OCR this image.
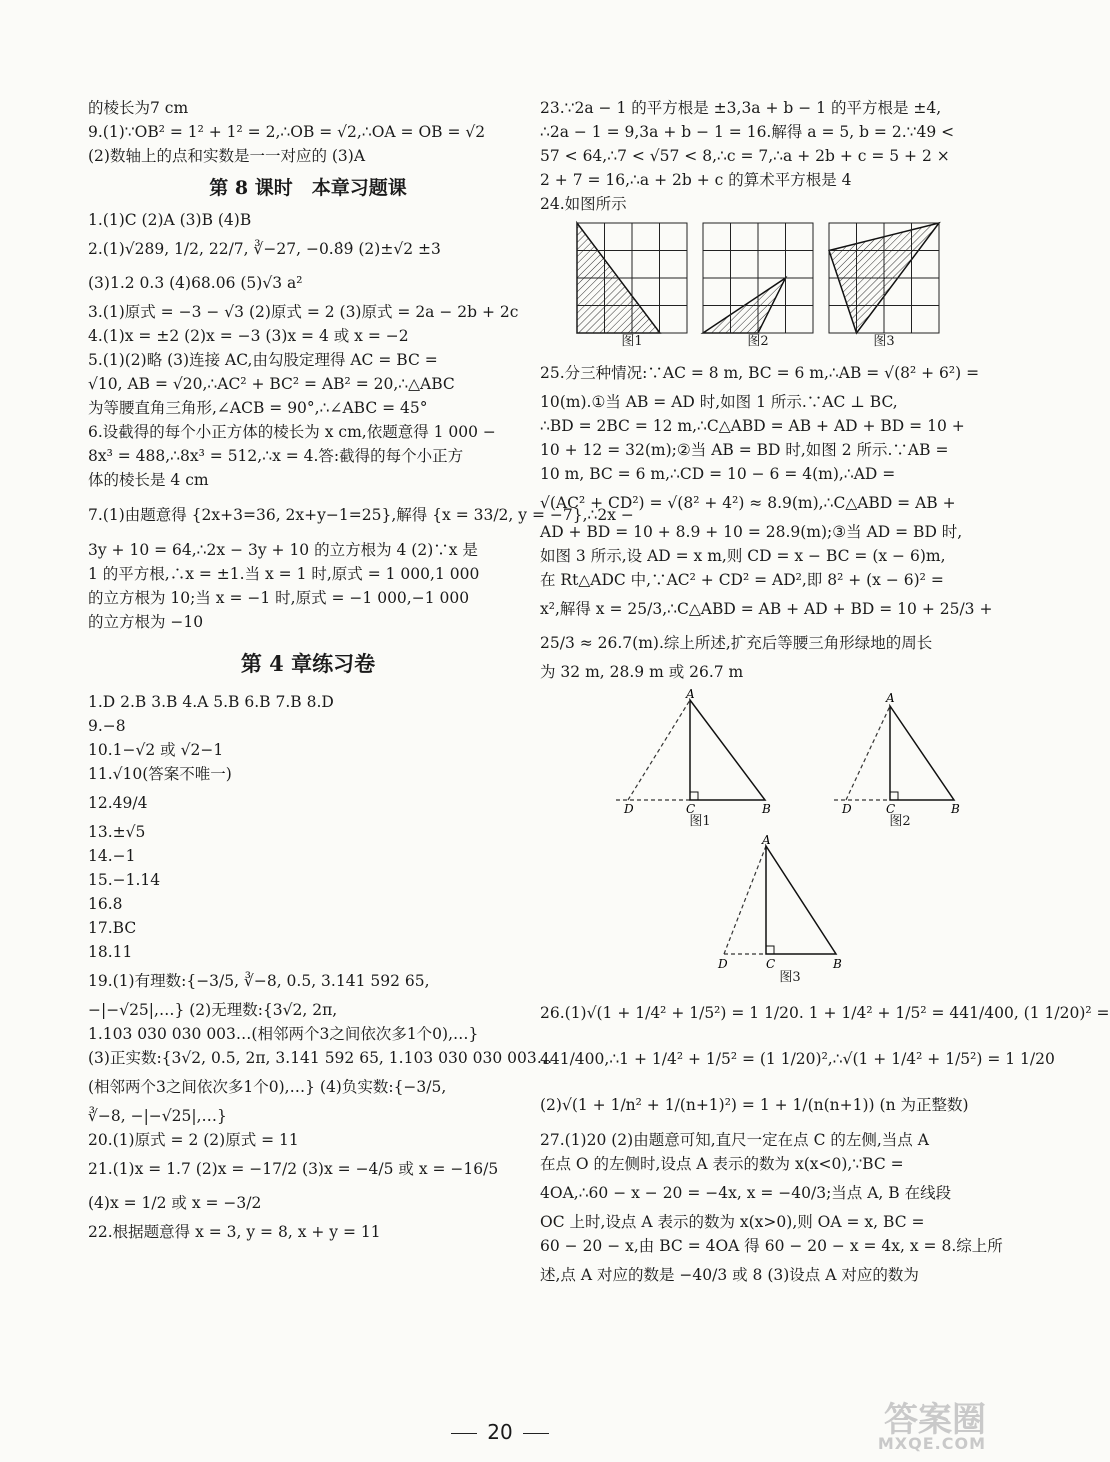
的棱长为7 cm
9.(1)∵OB² = 1² + 1² = 2,∴OB = √2,∴OA = OB = √2
(2)数轴上的点和实数是一一对应的 (3)A
第 8 课时　本章习题课
1.(1)C (2)A (3)B (4)B
2.(1)√289, 1/2, 22/7, ∛−27, −0.8̇9̇ (2)±√2 ±3
(3)1.2 0.3 (4)68.06 (5)√3 a²
3.(1)原式 = −3 − √3 (2)原式 = 2 (3)原式 = 2a − 2b + 2c
4.(1)x = ±2 (2)x = −3 (3)x = 4 或 x = −2
5.(1)(2)略 (3)连接 AC,由勾股定理得 AC = BC =
√10, AB = √20,∴AC² + BC² = AB² = 20,∴△ABC
为等腰直角三角形,∠ACB = 90°,∴∠ABC = 45°
6.设截得的每个小正方体的棱长为 x cm,依题意得 1 000 −
8x³ = 488,∴8x³ = 512,∴x = 4.答:截得的每个小正方
体的棱长是 4 cm
7.(1)由题意得 {2x+3=36, 2x+y−1=25},解得 {x = 33/2, y = −7},∴2x −
3y + 10 = 64,∴2x − 3y + 10 的立方根为 4 (2)∵x 是
1 的平方根,∴x = ±1.当 x = 1 时,原式 = 1 000,1 000
的立方根为 10;当 x = −1 时,原式 = −1 000,−1 000
的立方根为 −10
第 4 章练习卷
1.D 2.B 3.B 4.A 5.B 6.B 7.B 8.D
9.−8
10.1−√2 或 √2−1
11.√10(答案不唯一)
12.49/4
13.±√5
14.−1
15.−1.14
16.8
17.BC
18.11
19.(1)有理数:{−3/5, ∛−8, 0.5, 3.141 592 65,
−|−√25|,…} (2)无理数:{3√2, 2π,
1.103 030 030 003…(相邻两个3之间依次多1个0),…}
(3)正实数:{3√2, 0.5, 2π, 3.141 592 65, 1.103 030 030 003…
(相邻两个3之间依次多1个0),…} (4)负实数:{−3/5,
∛−8, −|−√25|,…}
20.(1)原式 = 2 (2)原式 = 11
21.(1)x = 1.7 (2)x = −17/2 (3)x = −4/5 或 x = −16/5
(4)x = 1/2 或 x = −3/2
22.根据题意得 x = 3, y = 8, x + y = 11
23.∵2a − 1 的平方根是 ±3,3a + b − 1 的平方根是 ±4,
∴2a − 1 = 9,3a + b − 1 = 16.解得 a = 5, b = 2.∵49 <
57 < 64,∴7 < √57 < 8,∴c = 7,∴a + 2b + c = 5 + 2 ×
2 + 7 = 16,∴a + 2b + c 的算术平方根是 4
24.如图所示
图1	图2	图3
25.分三种情况:∵AC = 8 m, BC = 6 m,∴AB = √(8² + 6²) =
10(m).①当 AB = AD 时,如图 1 所示.∵AC ⊥ BC,
∴BD = 2BC = 12 m,∴C△ABD = AB + AD + BD = 10 +
10 + 12 = 32(m);②当 AB = BD 时,如图 2 所示.∵AB =
10 m, BC = 6 m,∴CD = 10 − 6 = 4(m),∴AD =
√(AC² + CD²) = √(8² + 4²) ≈ 8.9(m),∴C△ABD = AB +
AD + BD = 10 + 8.9 + 10 = 28.9(m);③当 AD = BD 时,
如图 3 所示,设 AD = x m,则 CD = x − BC = (x − 6)m,
在 Rt△ADC 中,∵AC² + CD² = AD²,即 8² + (x − 6)² =
x²,解得 x = 25/3,∴C△ABD = AB + AD + BD = 10 + 25/3 +
25/3 ≈ 26.7(m).综上所述,扩充后等腰三角形绿地的周长
为 32 m, 28.9 m 或 26.7 m
A
D	C	B
图1
A
D	C	B
图2
A
D	C	B
图3
26.(1)√(1 + 1/4² + 1/5²) = 1 1/20. 1 + 1/4² + 1/5² = 441/400, (1 1/20)² =
441/400,∴1 + 1/4² + 1/5² = (1 1/20)²,∴√(1 + 1/4² + 1/5²) = 1 1/20
(2)√(1 + 1/n² + 1/(n+1)²) = 1 + 1/(n(n+1)) (n 为正整数)
27.(1)20 (2)由题意可知,直尺一定在点 C 的左侧,当点 A
在点 O 的左侧时,设点 A 表示的数为 x(x<0),∵BC =
4OA,∴60 − x − 20 = −4x, x = −40/3;当点 A, B 在线段
OC 上时,设点 A 表示的数为 x(x>0),则 OA = x, BC =
60 − 20 − x,由 BC = 4OA 得 60 − 20 − x = 4x, x = 8.综上所
述,点 A 对应的数是 −40/3 或 8 (3)设点 A 对应的数为
20	答案圈
MXQE.COM
